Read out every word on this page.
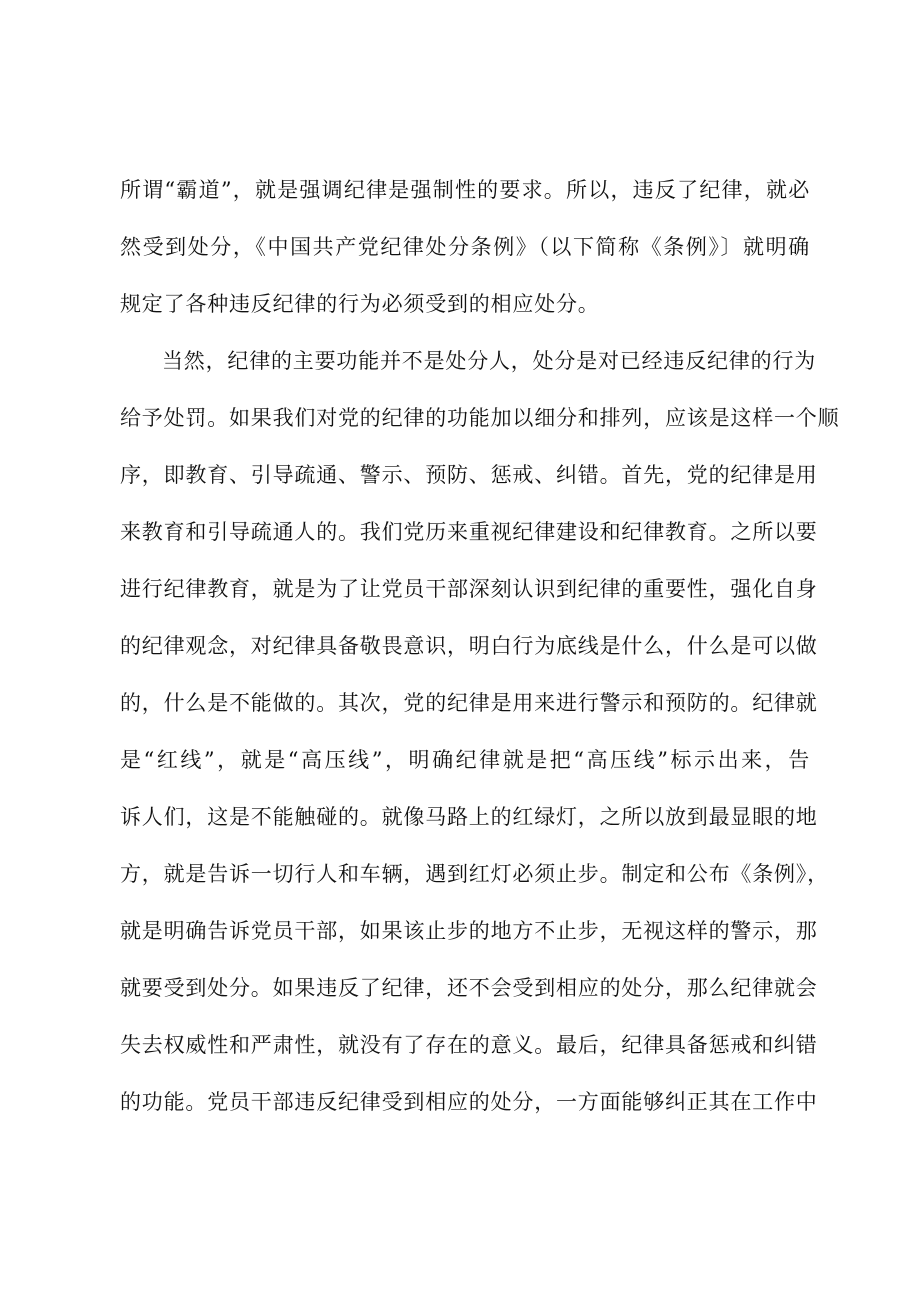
所谓“霸道”，就是强调纪律是强制性的要求。所以，违反了纪律，就必
然受到处分，《中国共产党纪律处分条例》（以下简称《条例》〕就明确
规定了各种违反纪律的行为必须受到的相应处分。
当然，纪律的主要功能并不是处分人，处分是对已经违反纪律的行为
给予处罚。如果我们对党的纪律的功能加以细分和排列，应该是这样一个顺
序，即教育、引导疏通、警示、预防、惩戒、纠错。首先，党的纪律是用
来教育和引导疏通人的。我们党历来重视纪律建设和纪律教育。之所以要
进行纪律教育，就是为了让党员干部深刻认识到纪律的重要性，强化自身
的纪律观念，对纪律具备敬畏意识，明白行为底线是什么，什么是可以做
的，什么是不能做的。其次，党的纪律是用来进行警示和预防的。纪律就
是“红线”，就是“高压线”，明确纪律就是把“高压线”标示出来，告
诉人们，这是不能触碰的。就像马路上的红绿灯，之所以放到最显眼的地
方，就是告诉一切行人和车辆，遇到红灯必须止步。制定和公布《条例》，
就是明确告诉党员干部，如果该止步的地方不止步，无视这样的警示，那
就要受到处分。如果违反了纪律，还不会受到相应的处分，那么纪律就会
失去权威性和严肃性，就没有了存在的意义。最后，纪律具备惩戒和纠错
的功能。党员干部违反纪律受到相应的处分，一方面能够纠正其在工作中
